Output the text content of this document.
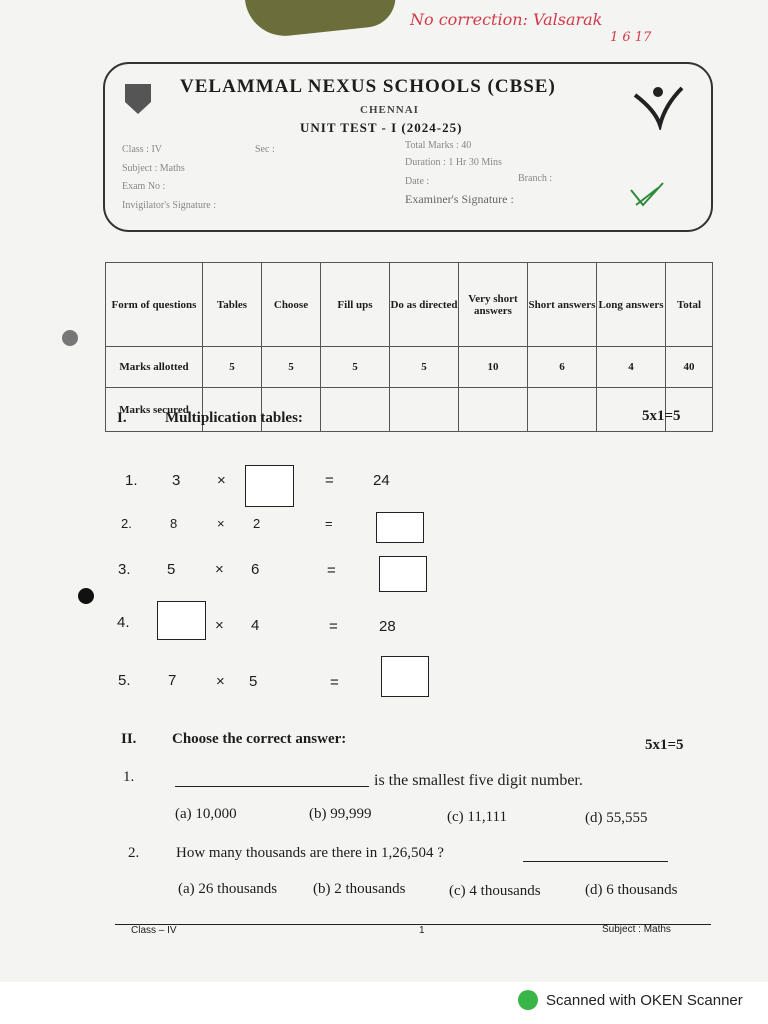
No correction: Valsarak
1 6 17
VELAMMAL NEXUS SCHOOLS (CBSE)
CHENNAI
UNIT TEST - I (2024-25)
Class : IV	Sec :
Subject : Maths
Exam No :
Invigilator's Signature :
Total Marks : 40
Duration : 1 Hr 30 Mins
Date :	Branch :
Examiner's Signature :
Form of questions	Tables	Choose	Fill ups	Do as directed	Very short answers	Short answers	Long answers	Total
Marks allotted	5	5	5	5	10	6	4	40
Marks secured								
I.	Multiplication tables:	5x1=5
1. 3 ×	=	24
2.	8	× 2	=
3. 5	× 6	=
4.	× 4	=	28
5. 7	× 5	=
II. Choose the correct answer:	5x1=5
1.	is the smallest five digit number.
(a) 10,000	(b) 99,999	(c) 11,111	(d) 55,555
2. How many thousands are there in 1,26,504 ?
(a) 26 thousands (b) 2 thousands	(c) 4 thousands	(d) 6 thousands
Class – IV	1	Subject : Maths
Scanned with OKEN Scanner
